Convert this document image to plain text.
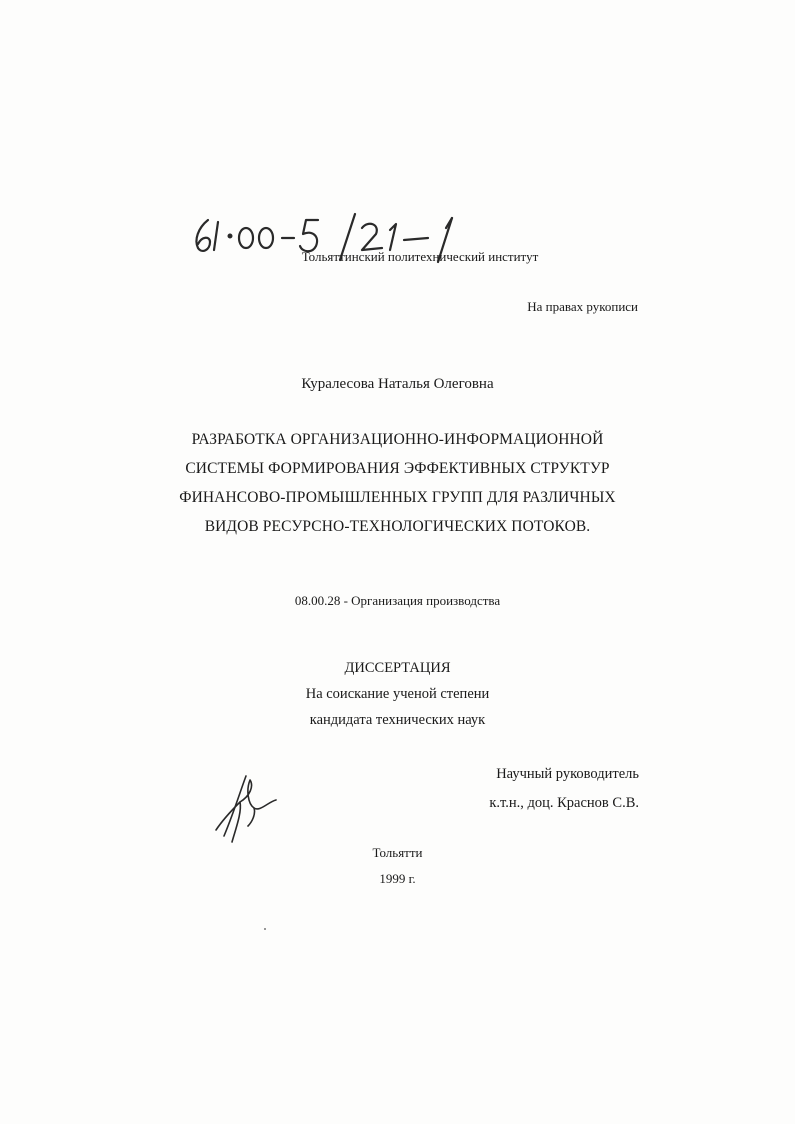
Тольяттинский политехнический институт
На правах рукописи
Куралесова Наталья Олеговна
РАЗРАБОТКА ОРГАНИЗАЦИОННО-ИНФОРМАЦИОННОЙ
СИСТЕМЫ ФОРМИРОВАНИЯ ЭФФЕКТИВНЫХ СТРУКТУР
ФИНАНСОВО-ПРОМЫШЛЕННЫХ ГРУПП ДЛЯ РАЗЛИЧНЫХ
ВИДОВ РЕСУРСНО-ТЕХНОЛОГИЧЕСКИХ ПОТОКОВ.
08.00.28 - Организация производства
ДИССЕРТАЦИЯ
На соискание ученой степени
кандидата технических наук
Научный руководитель
к.т.н., доц. Краснов С.В.
Тольятти
1999 г.
